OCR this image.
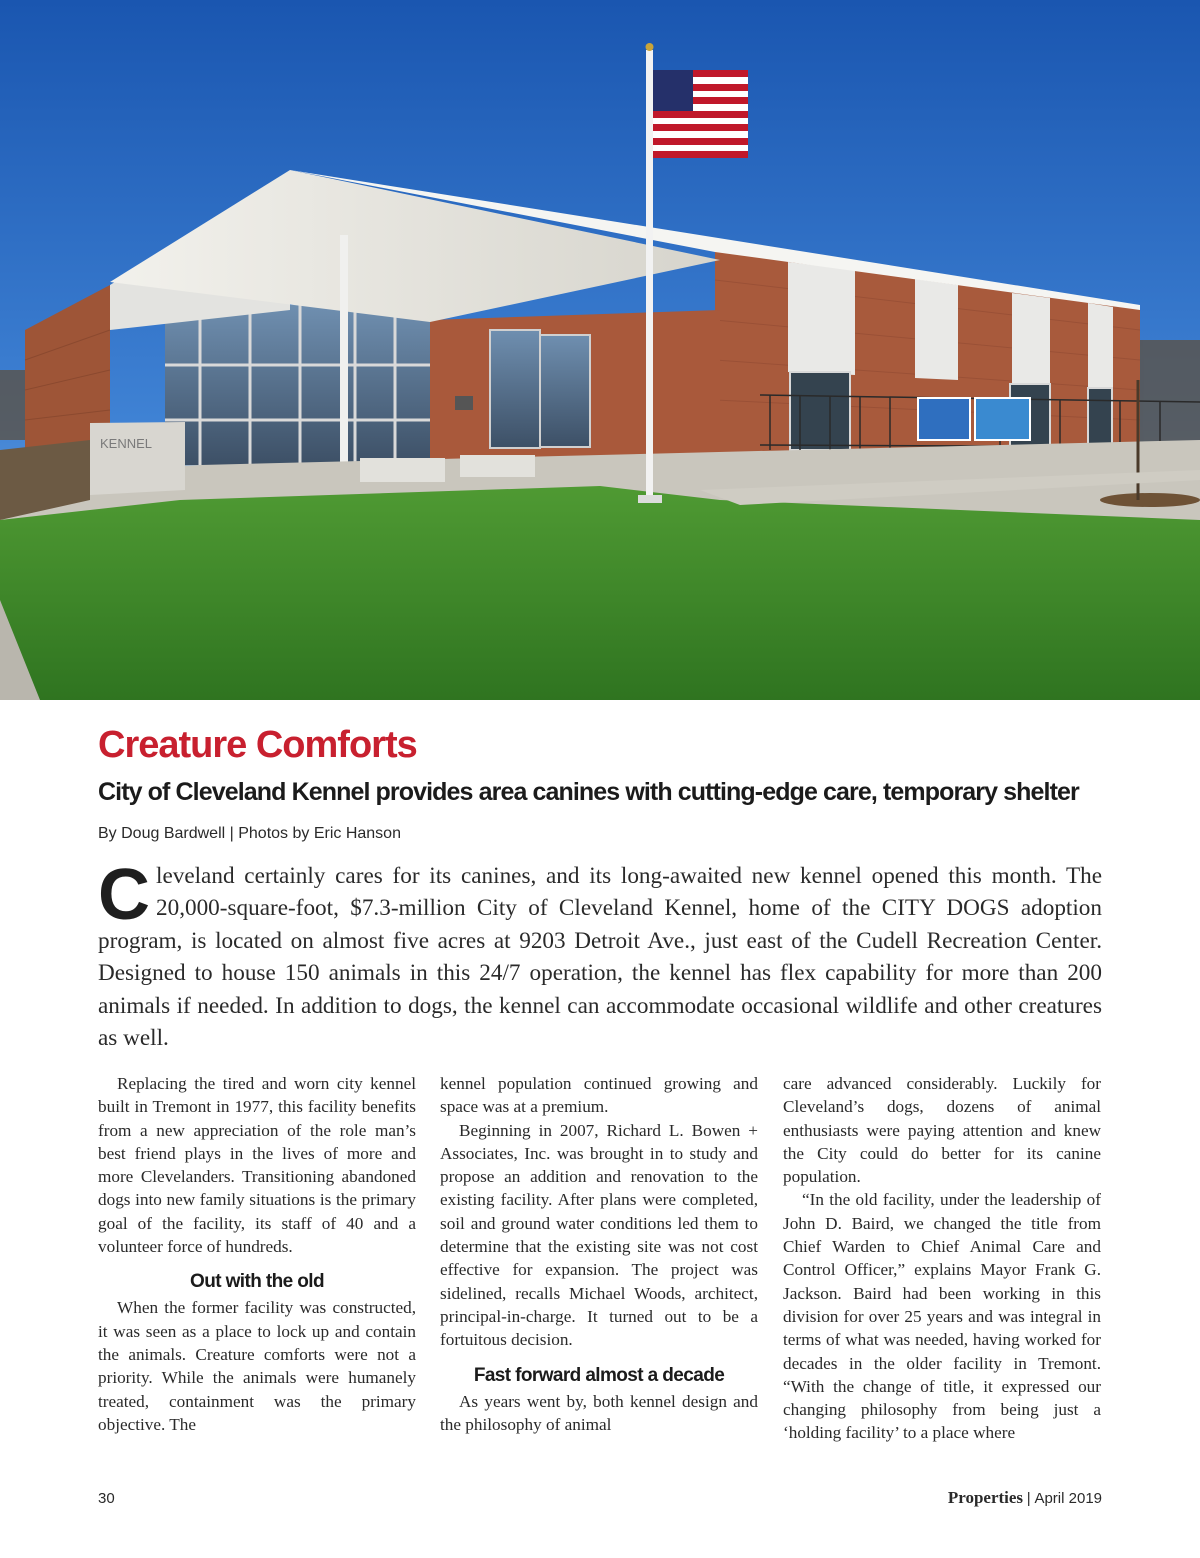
KENNEL
Creature Comforts
City of Cleveland Kennel provides area canines with cutting-edge care, temporary shelter

By Doug Bardwell | Photos by Eric Hanson

Cleveland certainly cares for its canines, and its long-awaited new kennel opened this month. The 20,000-square-foot, $7.3-million City of Cleveland Kennel, home of the CITY DOGS adoption program, is located on almost five acres at 9203 Detroit Ave., just east of the Cudell Recreation Center. Designed to house 150 animals in this 24/7 operation, the kennel has flex capability for more than 200 animals if needed. In addition to dogs, the kennel can accommodate occasional wildlife and other creatures as well.

Replacing the tired and worn city kennel built in Tremont in 1977, this facility benefits from a new appreciation of the role man’s best friend plays in the lives of more and more Clevelanders. Transitioning abandoned dogs into new family situations is the primary goal of the facility, its staff of 40 and a volunteer force of hundreds.

Out with the old

When the former facility was constructed, it was seen as a place to lock up and contain the animals. Creature comforts were not a priority. While the animals were humanely treated, containment was the primary objective. The

kennel population continued growing and space was at a premium.

Beginning in 2007, Richard L. Bowen + Associates, Inc. was brought in to study and propose an addition and renovation to the existing facility. After plans were completed, soil and ground water conditions led them to determine that the existing site was not cost effective for expansion. The project was sidelined, recalls Michael Woods, architect, principal-in-charge. It turned out to be a fortuitous decision.

Fast forward almost a decade

As years went by, both kennel design and the philosophy of animal

care advanced considerably. Luckily for Cleveland’s dogs, dozens of animal enthusiasts were paying attention and knew the City could do better for its canine population.

“In the old facility, under the leadership of John D. Baird, we changed the title from Chief Warden to Chief Animal Care and Control Officer,” explains Mayor Frank G. Jackson. Baird had been working in this division for over 25 years and was integral in terms of what was needed, having worked for decades in the older facility in Tremont. “With the change of title, it expressed our changing philosophy from being just a ‘holding facility’ to a place where

30	Properties | April 2019
